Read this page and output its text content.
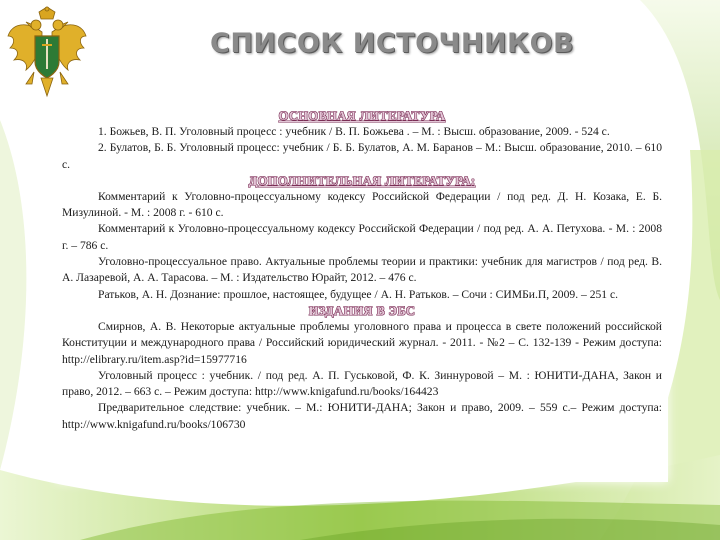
СПИСОК ИСТОЧНИКОВ

ОСНОВНАЯ ЛИТЕРАТУРА

1. Божьев, В. П. Уголовный процесс : учебник / В. П. Божьева . – М. : Высш. образование, 2009. - 524 с.

2. Булатов, Б. Б. Уголовный процесс: учебник / Б. Б. Булатов, А. М. Баранов – М.: Высш. образование, 2010. – 610 с.

ДОПОЛНИТЕЛЬНАЯ ЛИТЕРАТУРА:

Комментарий к Уголовно-процессуальному кодексу Российской Федерации / под ред. Д. Н. Козака, Е. Б. Мизулиной. - М. : 2008 г. - 610 с.

Комментарий к Уголовно-процессуальному кодексу Российской Федерации / под ред. А. А. Петухова. - М. : 2008 г. – 786 с.

Уголовно-процессуальное право. Актуальные проблемы теории и практики: учебник для магистров / под ред. В. А. Лазаревой, А. А. Тарасова. – М. : Издательство Юрайт, 2012. – 476 с.

Ратьков, А. Н. Дознание: прошлое, настоящее, будущее / А. Н. Ратьков. – Сочи : СИМБи.П, 2009. – 251 с.

ИЗДАНИЯ В ЭБС

Смирнов, А. В. Некоторые актуальные проблемы уголовного права и процесса в свете положений российской Конституции и международного права / Российский юридический журнал. - 2011. - №2 – С. 132-139 - Режим доступа: http://elibrary.ru/item.asp?id=15977716

Уголовный процесс : учебник. / под ред. А. П. Гуськовой, Ф. К. Зиннуровой – М. : ЮНИТИ-ДАНА, Закон и право, 2012. – 663 с. – Режим доступа: http://www.knigafund.ru/books/164423

Предварительное следствие: учебник. – М.: ЮНИТИ-ДАНА; Закон и право, 2009. – 559 с.– Режим доступа: http://www.knigafund.ru/books/106730
